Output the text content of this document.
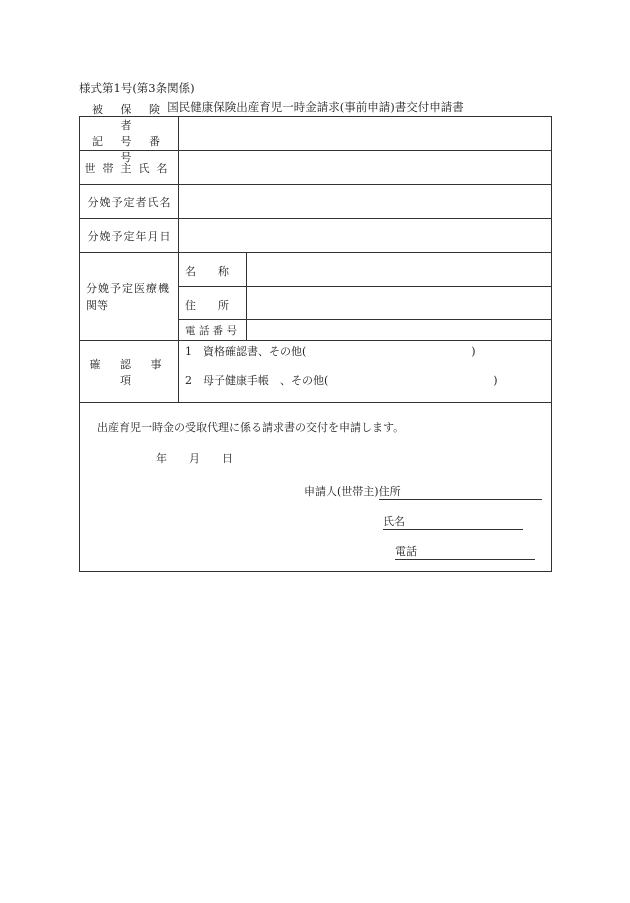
様式第1号(第3条関係)
国民健康保険出産育児一時金請求(事前申請)書交付申請書
被 保 険 者
記 号 番 号
世帯主氏名
分娩予定者氏名
分娩予定年月日
分娩予定医療機
関等
名　　称
住　　所
電 話 番 号
確 認 事 項
1　資格確認書、その他(　　　　　　　　　　　　　　　)
2　母子健康手帳　、その他(　　　　　　　　　　　　　　　)
出産育児一時金の受取代理に係る請求書の交付を申請します。
年　　月　　日
申請人(世帯主)住所
氏名
電話
